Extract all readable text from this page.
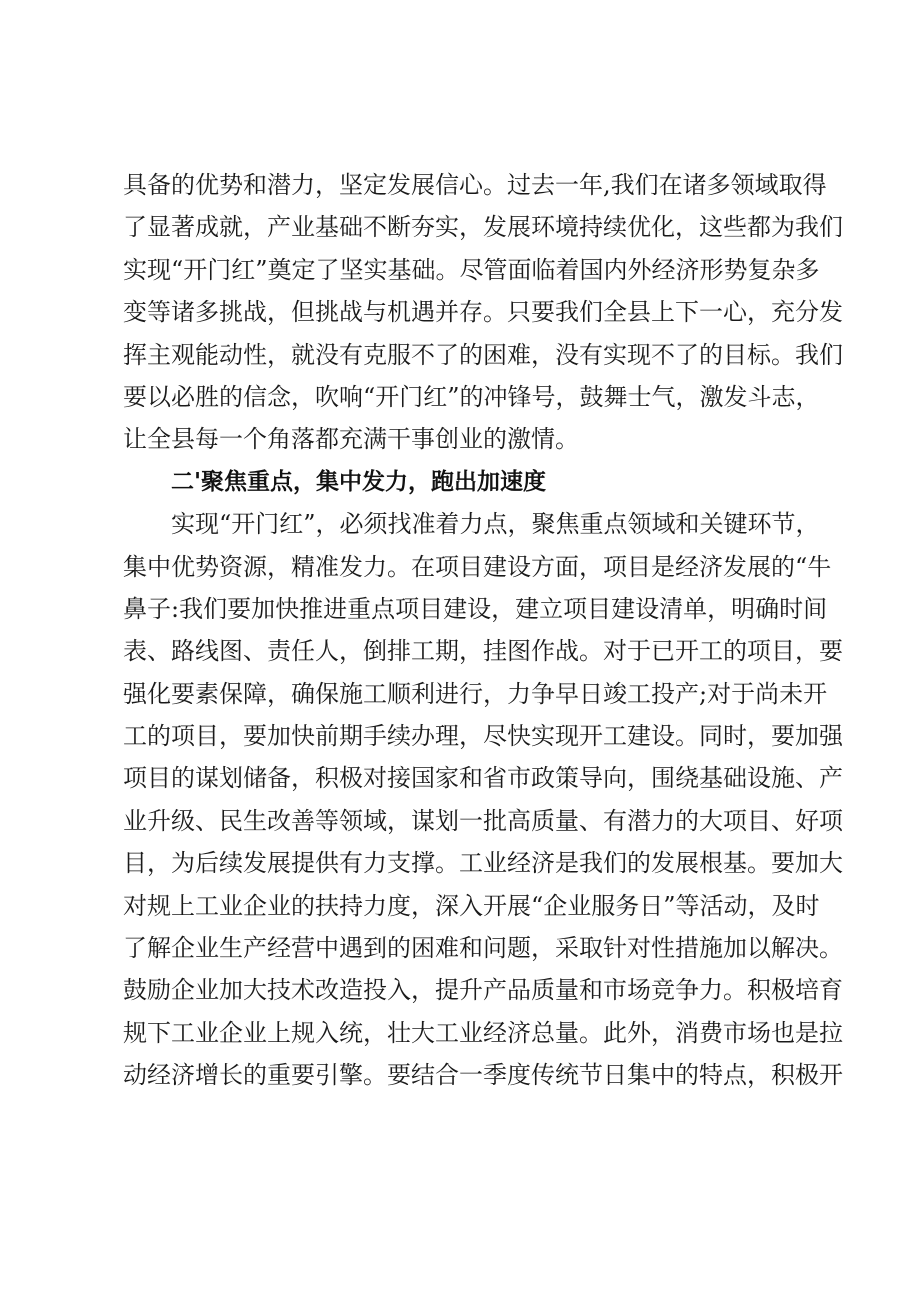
具备的优势和潜力，坚定发展信心。过去一年,我们在诸多领域取得
了显著成就，产业基础不断夯实，发展环境持续优化，这些都为我们
实现“开门红”奠定了坚实基础。尽管面临着国内外经济形势复杂多
变等诸多挑战，但挑战与机遇并存。只要我们全县上下一心，充分发
挥主观能动性，就没有克服不了的困难，没有实现不了的目标。我们
要以必胜的信念，吹响“开门红”的冲锋号，鼓舞士气，激发斗志，
让全县每一个角落都充满干事创业的激情。
二'聚焦重点，集中发力，跑出加速度
实现“开门红”，必须找准着力点，聚焦重点领域和关键环节，
集中优势资源，精准发力。在项目建设方面，项目是经济发展的“牛
鼻子:我们要加快推进重点项目建设，建立项目建设清单，明确时间
表、路线图、责任人，倒排工期，挂图作战。对于已开工的项目，要
强化要素保障，确保施工顺利进行，力争早日竣工投产;对于尚未开
工的项目，要加快前期手续办理，尽快实现开工建设。同时，要加强
项目的谋划储备，积极对接国家和省市政策导向，围绕基础设施、产
业升级、民生改善等领域，谋划一批高质量、有潜力的大项目、好项
目，为后续发展提供有力支撑。工业经济是我们的发展根基。要加大
对规上工业企业的扶持力度，深入开展“企业服务日”等活动，及时
了解企业生产经营中遇到的困难和问题，采取针对性措施加以解决。
鼓励企业加大技术改造投入，提升产品质量和市场竞争力。积极培育
规下工业企业上规入统，壮大工业经济总量。此外，消费市场也是拉
动经济增长的重要引擎。要结合一季度传统节日集中的特点，积极开
